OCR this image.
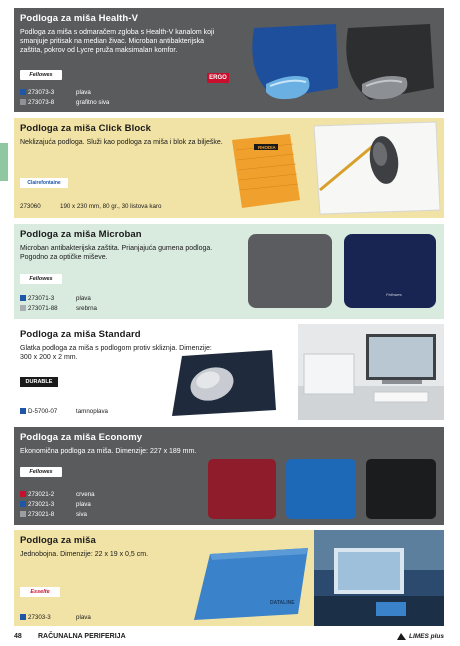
Podloga za miša Health-V
Podloga za miša s odmaračem zgloba s Health-V kanalom koji smanjuje pritisak na median živac. Microban antibakterijska zaštita, pokrov od Lycre pruža maksimalan komfor.
Fellowes
273073-3	plava
273073-8	grafitno siva
ERGO
Podloga za miša Click Block
Neklizajuća podloga. Služi kao podloga za miša i blok za bilješke.
Clairefontaine
273060	190 x 230 mm, 80 gr., 30 listova karo
RHODIA
Podloga za miša Microban
Microban antibakterijska zaštita. Prianjajuća gumena podloga. Pogodno za optičke miševe.
Fellowes
273071-3	plava
273071-88	srebrna
Fellowes
Podloga za miša Standard
Glatka podloga za miša s podlogom protiv skliznja. Dimenzije: 300 x 200 x 2 mm.
DURABLE
D-5700-07	tamnoplava
Podloga za miša Economy
Ekonomična podloga za miša. Dimenzije: 227 x 189 mm.
Fellowes
273021-2	crvena
273021-3	plava
273021-8	siva
Podloga za miša
Jednobojna. Dimenzije: 22 x 19 x 0,5 cm.
Esselte
27303-3	plava
DATALINE
48	RAČUNALNA PERIFERIJA	LIMES plus
